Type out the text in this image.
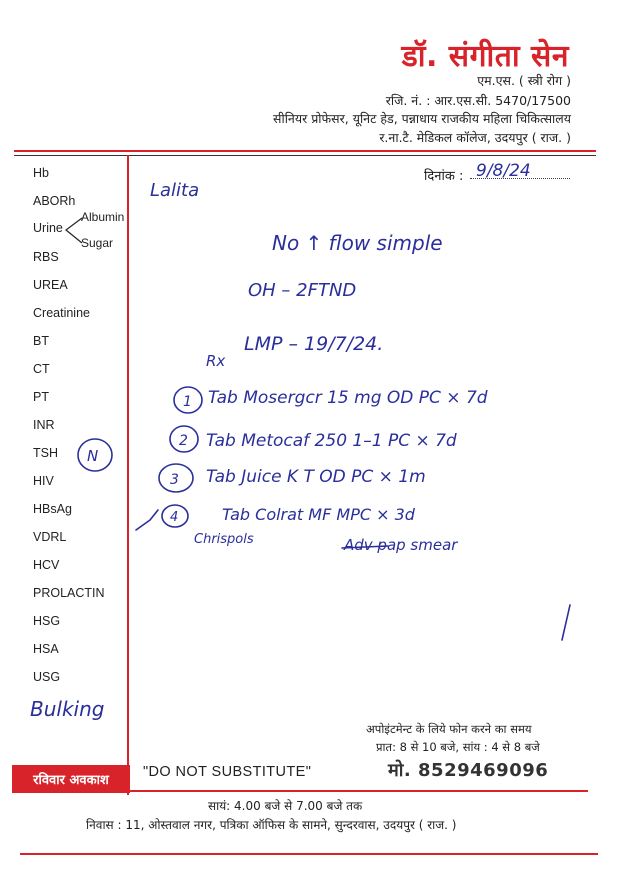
डॉ. संगीता सेन
एम.एस. ( स्त्री रोग )
रजि. नं. : आर.एस.सी. 5470/17500
सीनियर प्रोफेसर, यूनिट हेड, पन्नाधाय राजकीय महिला चिकित्सालय
र.ना.टै. मेडिकल कॉलेज, उदयपुर ( राज. )
दिनांक :
Hb
ABORh
Urine
Albumin
Sugar
RBS
UREA
Creatinine
BT
CT
PT
INR
TSH
HIV
HBsAg
VDRL
HCV
PROLACTIN
HSG
HSA
USG
9/8/24
Lalita
No ↑ flow simple
OH – 2FTND
LMP – 19/7/24.
Rx
1 Tab Mosergcr 15 mg OD PC × 7d
2 Tab Metocaf 250 1–1 PC × 7d
3 Tab Juice K T OD PC × 1m
4	Tab Colrat MF MPC × 3d
Chrispols	Adv pap smear
N
Bulking
अपोइंटमेन्ट के लिये फोन करने का समय
प्रात: 8 से 10 बजे, सांय : 4 से 8 बजे
मो. 8529469096
रविवार अवकाश
"DO NOT SUBSTITUTE"
सायं: 4.00 बजे से 7.00 बजे तक
निवास : 11, ओस्तवाल नगर, पत्रिका ऑफिस के सामने, सुन्दरवास, उदयपुर ( राज. )
